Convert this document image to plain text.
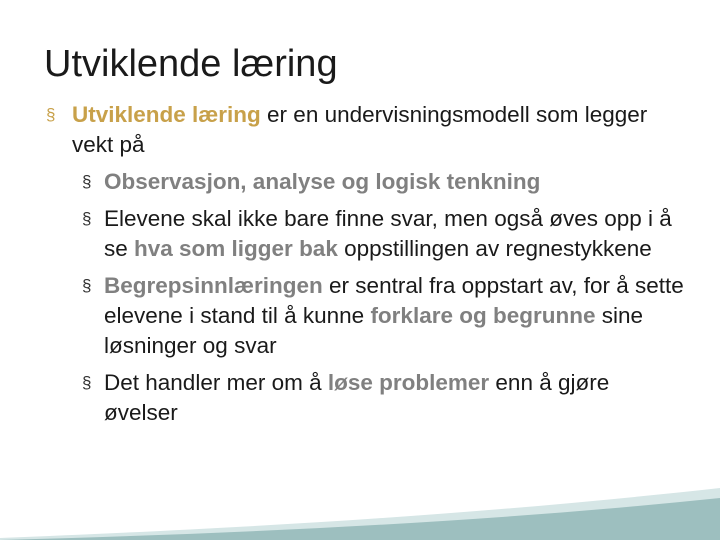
Utviklende læring
§ Utviklende læring er en undervisningsmodell som legger vekt på
§ Observasjon, analyse og logisk tenkning
§ Elevene skal ikke bare finne svar, men også øves opp i å se hva som ligger bak oppstillingen av regnestykkene
§ Begrepsinnlæringen er sentral fra oppstart av, for å sette elevene i stand til å kunne forklare og begrunne sine løsninger og svar
§ Det handler mer om å løse problemer enn å gjøre øvelser
